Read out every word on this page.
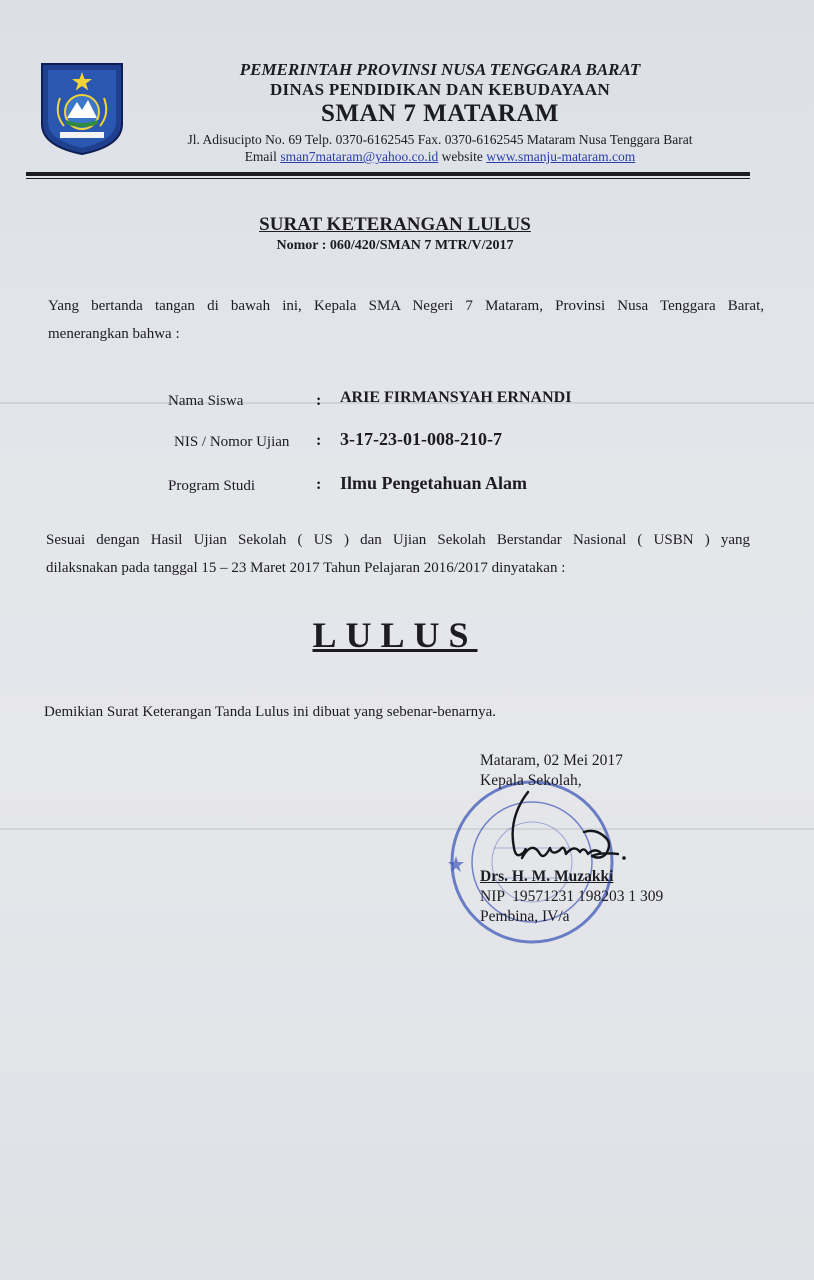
PEMERINTAH PROVINSI NUSA TENGGARA BARAT
DINAS PENDIDIKAN DAN KEBUDAYAAN
SMAN 7 MATARAM
Jl. Adisucipto No. 69 Telp. 0370-6162545 Fax. 0370-6162545 Mataram Nusa Tenggara Barat
Email sman7mataram@yahoo.co.id website www.smanju-mataram.com
SURAT KETERANGAN LULUS
Nomor : 060/420/SMAN 7 MTR/V/2017
Yang bertanda tangan di bawah ini, Kepala SMA Negeri 7 Mataram, Provinsi Nusa Tenggara Barat,
menerangkan bahwa :
Nama Siswa	: ARIE FIRMANSYAH ERNANDI
NIS / Nomor Ujian : 3-17-23-01-008-210-7
Program Studi	: Ilmu Pengetahuan Alam
Sesuai dengan Hasil Ujian Sekolah ( US ) dan Ujian Sekolah Berstandar Nasional ( USBN ) yang
dilaksnakan pada tanggal 15 – 23 Maret 2017 Tahun Pelajaran 2016/2017 dinyatakan :
LULUS
Demikian Surat Keterangan Tanda Lulus ini dibuat yang sebenar-benarnya.
Mataram, 02 Mei 2017
Kepala Sekolah,
Drs. H. M. Muzakki
NIP  19571231 198203 1 309
Pembina, IV/a
